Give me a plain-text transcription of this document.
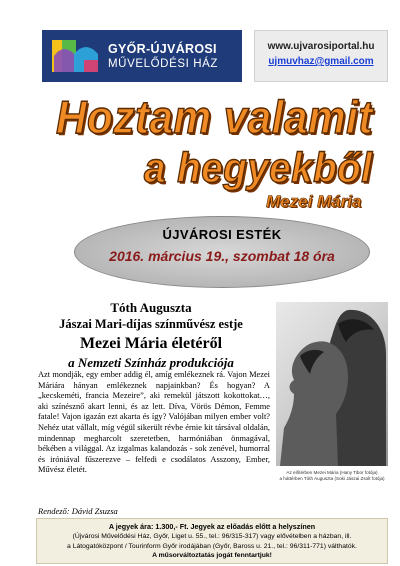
GYŐR-ÚJVÁROSI
MŰVELŐDÉSI HÁZ
www.ujvarosiportal.hu
ujmuvhaz@gmail.com
Hoztam valamit
a hegyekből
Mezei Mária
ÚJVÁROSI ESTÉK
2016. március 19., szombat 18 óra
Tóth Auguszta
Jászai Mari-díjas színművész estje
Mezei Mária életéről
a Nemzeti Színház produkciója
Azt mondják, egy ember addig él, amíg emlékeznek rá. Vajon Mezei Máriára hányan emlékeznek napjainkban? És hogyan? A „kecskeméti, francia Mezeire”, aki remekül játszott kokottokat…, aki színésznő akart lenni, és az lett. Díva, Vörös Démon, Femme fatale! Vajon igazán ezt akarta és így? Valójában milyen ember volt? Nehéz utat vállalt, míg végül sikerült révbe érnie kit társával oldalán, mindennap megharcolt szeretetben, harmóniában önmagával, békében a világgal. Az izgalmas kalandozás - sok zenével, humorral és iróniával fűszerezve – felfedi e csodálatos Asszony, Ember, Művész életét.
Rendező: Dávid Zsuzsa
Az előtérben Mezei Mária (Hany Tibor fotója)
a háttérben Tóth Auguszta (Soki Jászai Zsolt fotója)
A jegyek ára: 1.300,- Ft. Jegyek az előadás előtt a helyszínen
(Újvárosi Művelődési Ház, Győr, Liget u. 55., tel.: 96/315-317) vagy elővételben a házban, ill.
a Látogatóközpont / Tourinform Győr irodájában (Győr, Baross u. 21., tel.: 96/311-771) válthatók.
A műsorváltoztatás jogát fenntartjuk!
